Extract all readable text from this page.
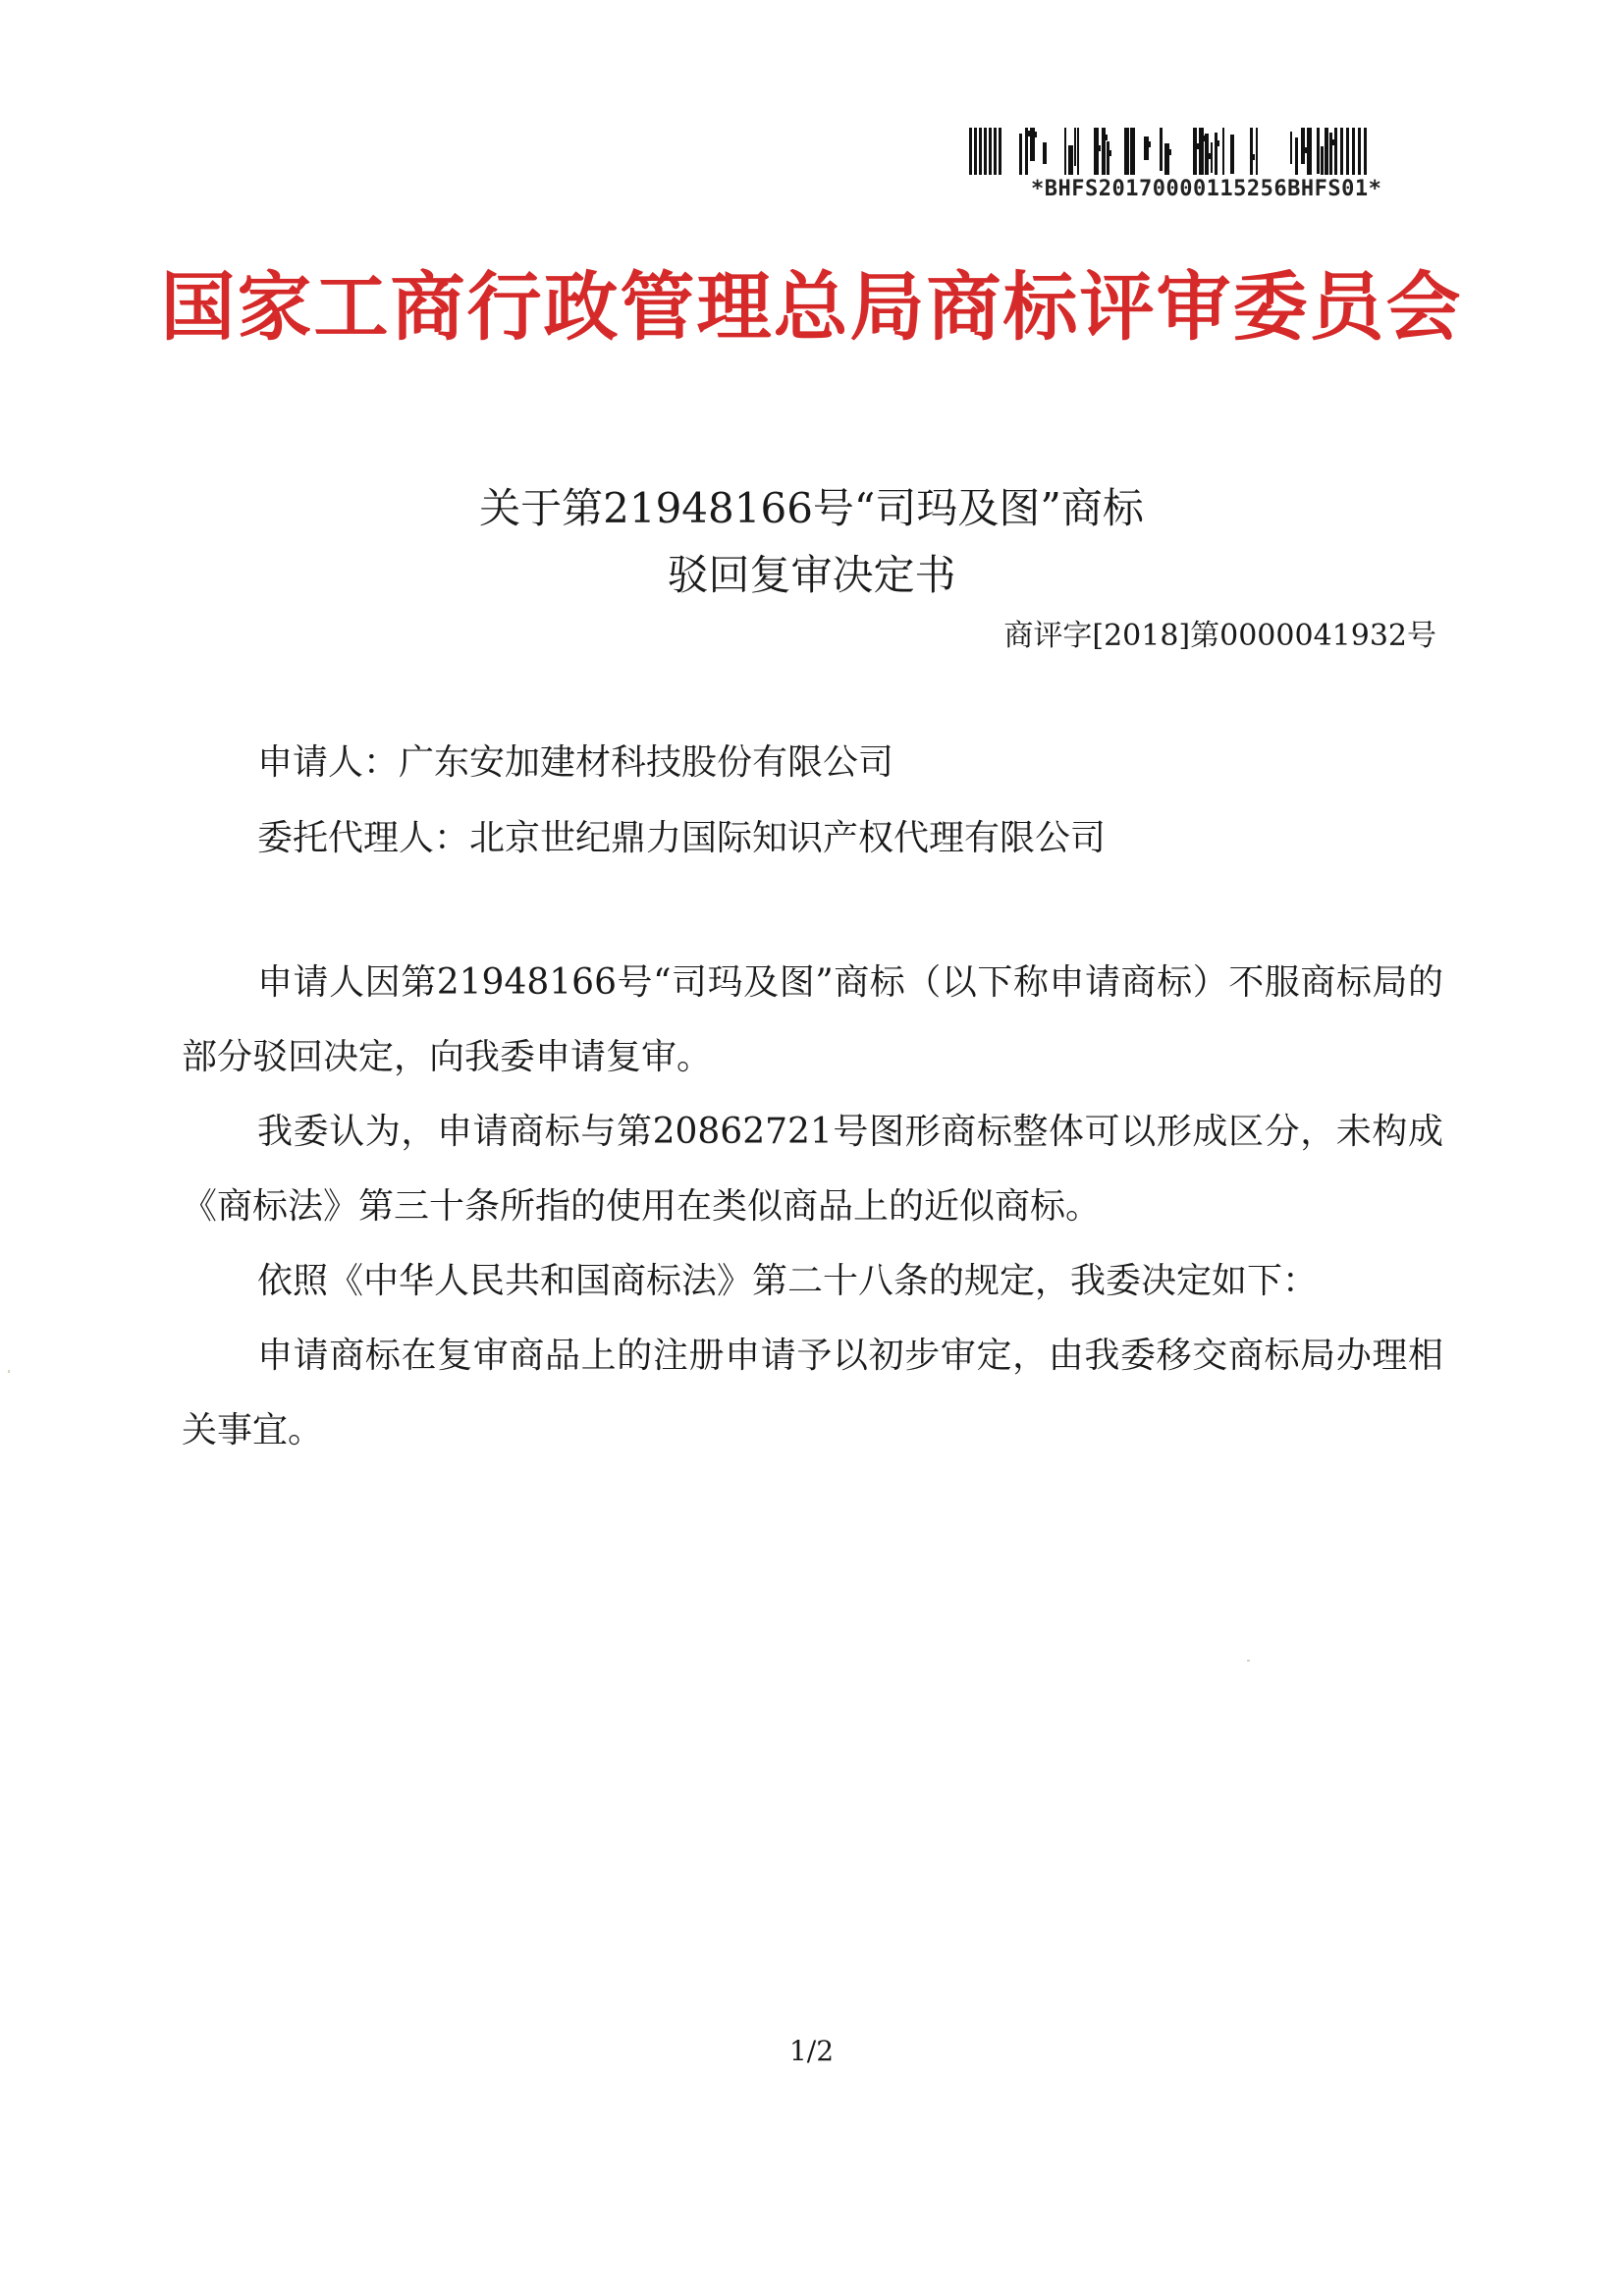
*BHFS20170000115256BHFS01*
国家工商行政管理总局商标评审委员会
关于第21948166号“司玛及图”商标
驳回复审决定书
商评字[2018]第0000041932号
申请人：广东安加建材科技股份有限公司
委托代理人：北京世纪鼎力国际知识产权代理有限公司

申请人因第21948166号“司玛及图”商标（以下称申请商标）不服商标局的部分驳回决定，向我委申请复审。

我委认为，申请商标与第20862721号图形商标整体可以形成区分，未构成《商标法》第三十条所指的使用在类似商品上的近似商标。

依照《中华人民共和国商标法》第二十八条的规定，我委决定如下：

申请商标在复审商品上的注册申请予以初步审定，由我委移交商标局办理相关事宜。

1/2
